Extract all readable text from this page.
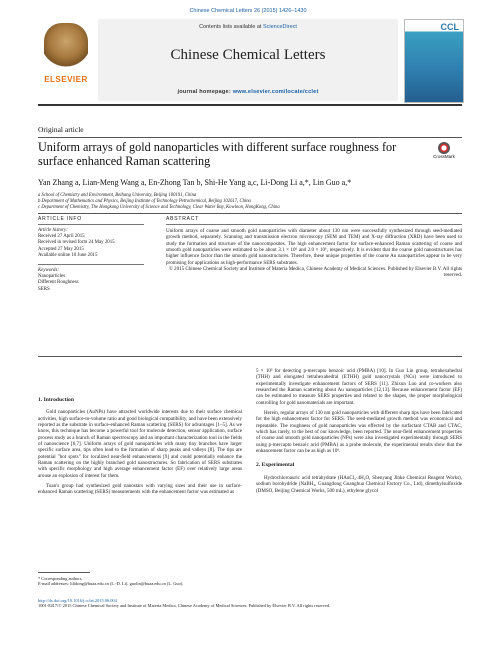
Chinese Chemical Letters 26 (2015) 1426–1430
ELSEVIER
Contents lists available at ScienceDirect
Chinese Chemical Letters
journal homepage: www.elsevier.com/locate/cclet
CCL
Original article
Uniform arrays of gold nanoparticles with different surface roughness for surface enhanced Raman scattering	CrossMark
Yan Zhang a, Lian-Meng Wang a, En-Zhong Tan b, Shi-He Yang a,c, Li-Dong Li a,*, Lin Guo a,*
a School of Chemistry and Environment, Beihang University, Beijing 100191, China
b Department of Mathematics and Physics, Beijing Institute of Technology Petrochemical, Beijing 102617, China
c Department of Chemistry, The Hongkong University of Science and Technology, Clear Water Bay, Kowloon, HongKong, China
ARTICLE INFO
Article history:
Received 27 April 2015
Received in revised form 24 May 2015
Accepted 27 May 2015
Available online 10 June 2015
Keywords:
Nanoparticles
Different Roughness
SERS
ABSTRACT
Uniform arrays of coarse and smooth gold nanoparticles with diameter about 130 nm were successfully synthesized through seed-mediated growth method, separately. Scanning and transmission electron microscopy (SEM and TEM) and X-ray diffraction (XRD) have been used to study the formation and structure of the nanocomposites. The high enhancement factor for surface-enhanced Raman scattering of coarse and smooth gold nanoparticles were estimated to be about 3.1 × 10⁶ and 2.0 × 10⁶, respectively. It is evident that the coarse gold nanostructures has higher influence factor than the smooth gold nanostructures. Therefore, these unique properties of the coarse Au nanoparticles appear to be very promising for applications as high-performance SERS substrates.
© 2015 Chinese Chemical Society and Institute of Materia Medica, Chinese Academy of Medical Sciences. Published by Elsevier B.V. All rights reserved.
1. Introduction

Gold nanoparticles (AuNPs) have attracted worldwide interests due to their surface chemical activities, high surface-to-volume ratio and good biological compatibility, and have been extensively reported as the substrate in surface-enhanced Raman scattering (SERS) for advantages [1–5]. As we know, this technique has become a powerful tool for molecule detection, sensor application, surface process study as a branch of Raman spectroscopy and an important characterization tool in the fields of nanoscience [6,7]. Uniform arrays of gold nanoparticles with many tiny branches have larger specific surface area, tips often lead to the formation of sharp peaks and valleys [8]. The tips are potential "hot spots" for localized near-field enhancements [9] and could potentially enhance the Raman scattering on the highly branched gold nanostructures. So fabrication of SERS substrates with specific morphology and high average enhancement factor (EF) over relatively large areas arouse an explosion of interest for them.

Tuan's group had synthesized gold nanostars with varying sizes and their use in surface-enhanced Raman scattering (SERS) measurements with the enhancement factor was estimated as

5 × 10³ for detecting p-mercapto benzoic acid (PMBA) [10]. In Guo Lin group, tetrahexahedral (THH) and elongated tetrahexahedral (ETHH) gold nanocrystals (NCs) were introduced to experimentally investigate enhancement factors of SERS [11]. Zhixun Luo and co-workers also researched the Raman scattering about Au nanoparticles [12,13]. Because enhancement factor (EF) can be estimated to measure SERS properties and related to the shapes, the proper morphological controlling for gold nanomaterials are important.

Herein, regular arrays of 130 nm gold nanoparticles with different sharp tips have been fabricated for the high enhancement factor for SERS. The seed-mediated growth method was economical and repeatable. The roughness of gold nanoparticles was effected by the surfactant CTAB and CTAC, which has rarely, to the best of our knowledge, been reported. The near-field enhancement properties of coarse and smooth gold nanoparticles (NPs) were also investigated experimentally through SERS using p-mercapto benzoic acid (PMBA) as a probe molecule, the experimental results show that the enhancement factor can be as high as 10⁶.

2. Experimental

Hydrochloroauric acid tetrahydrate (HAuCl₄·4H₂O, Shenyang Jinke Chemical Reagent Works), sodium borohydride (NaBH₄, Guangdong Guanghua Chemical Factory Co., Ltd), dimethylsulfoxide (DMSO, Beijing Chemical Works, 500 mL), ethylene glycol

* Corresponding authors.
E-mail addresses: lilidong@buaa.edu.cn (L.-D. Li), guolin@buaa.edu.cn (L. Guo).
http://dx.doi.org/10.1016/j.cclet.2015.06.004
1001-8417/© 2015 Chinese Chemical Society and Institute of Materia Medica, Chinese Academy of Medical Sciences. Published by Elsevier B.V. All rights reserved.
